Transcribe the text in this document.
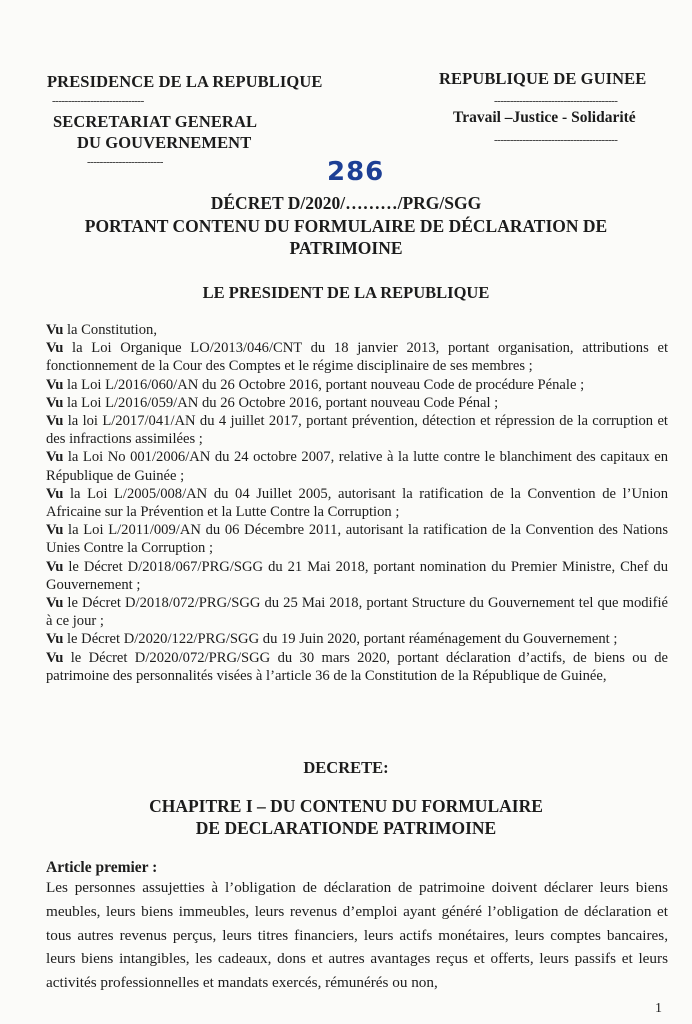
PRESIDENCE DE LA REPUBLIQUE
-----------------------------
SECRETARIAT GENERAL
DU GOUVERNEMENT
------------------------
REPUBLIQUE DE GUINEE
---------------------------------------
Travail –Justice - Solidarité
---------------------------------------
286
DÉCRET D/2020/………/PRG/SGG
PORTANT CONTENU DU FORMULAIRE DE DÉCLARATION DE
PATRIMOINE
LE PRESIDENT DE LA REPUBLIQUE

Vu la Constitution,

Vu la Loi Organique LO/2013/046/CNT du 18 janvier 2013, portant organisation, attributions et fonctionnement de la Cour des Comptes et le régime disciplinaire de ses membres ;

Vu la Loi L/2016/060/AN du 26 Octobre 2016, portant nouveau Code de procédure Pénale ;

Vu la Loi L/2016/059/AN du 26 Octobre 2016, portant nouveau Code Pénal ;

Vu la loi L/2017/041/AN du 4 juillet 2017, portant prévention, détection et répression de la corruption et des infractions assimilées ;

Vu la Loi No 001/2006/AN du 24 octobre 2007, relative à la lutte contre le blanchiment des capitaux en République de Guinée ;

Vu la Loi L/2005/008/AN du 04 Juillet 2005, autorisant la ratification de la Convention de l’Union Africaine sur la Prévention et la Lutte Contre la Corruption ;

Vu la Loi L/2011/009/AN du 06 Décembre 2011, autorisant la ratification de la Convention des Nations Unies Contre la Corruption ;

Vu le Décret D/2018/067/PRG/SGG du 21 Mai 2018, portant nomination du Premier Ministre, Chef du Gouvernement ;

Vu le Décret D/2018/072/PRG/SGG du 25 Mai 2018, portant Structure du Gouvernement tel que modifié à ce jour ;

Vu le Décret D/2020/122/PRG/SGG du 19 Juin 2020, portant réaménagement du Gouvernement ;

Vu le Décret D/2020/072/PRG/SGG du 30 mars 2020, portant déclaration d’actifs, de biens ou de patrimoine des personnalités visées à l’article 36 de la Constitution de la République de Guinée,

DECRETE:
CHAPITRE I – DU CONTENU DU FORMULAIRE
DE DECLARATIONDE PATRIMOINE
Article premier :
Les personnes assujetties à l’obligation de déclaration de patrimoine doivent déclarer leurs biens meubles, leurs biens immeubles, leurs revenus d’emploi ayant généré l’obligation de déclaration et tous autres revenus perçus, leurs titres financiers, leurs actifs monétaires, leurs comptes bancaires, leurs biens intangibles, les cadeaux, dons et autres avantages reçus et offerts, leurs passifs et leurs activités professionnelles et mandats exercés, rémunérés ou non,
1
